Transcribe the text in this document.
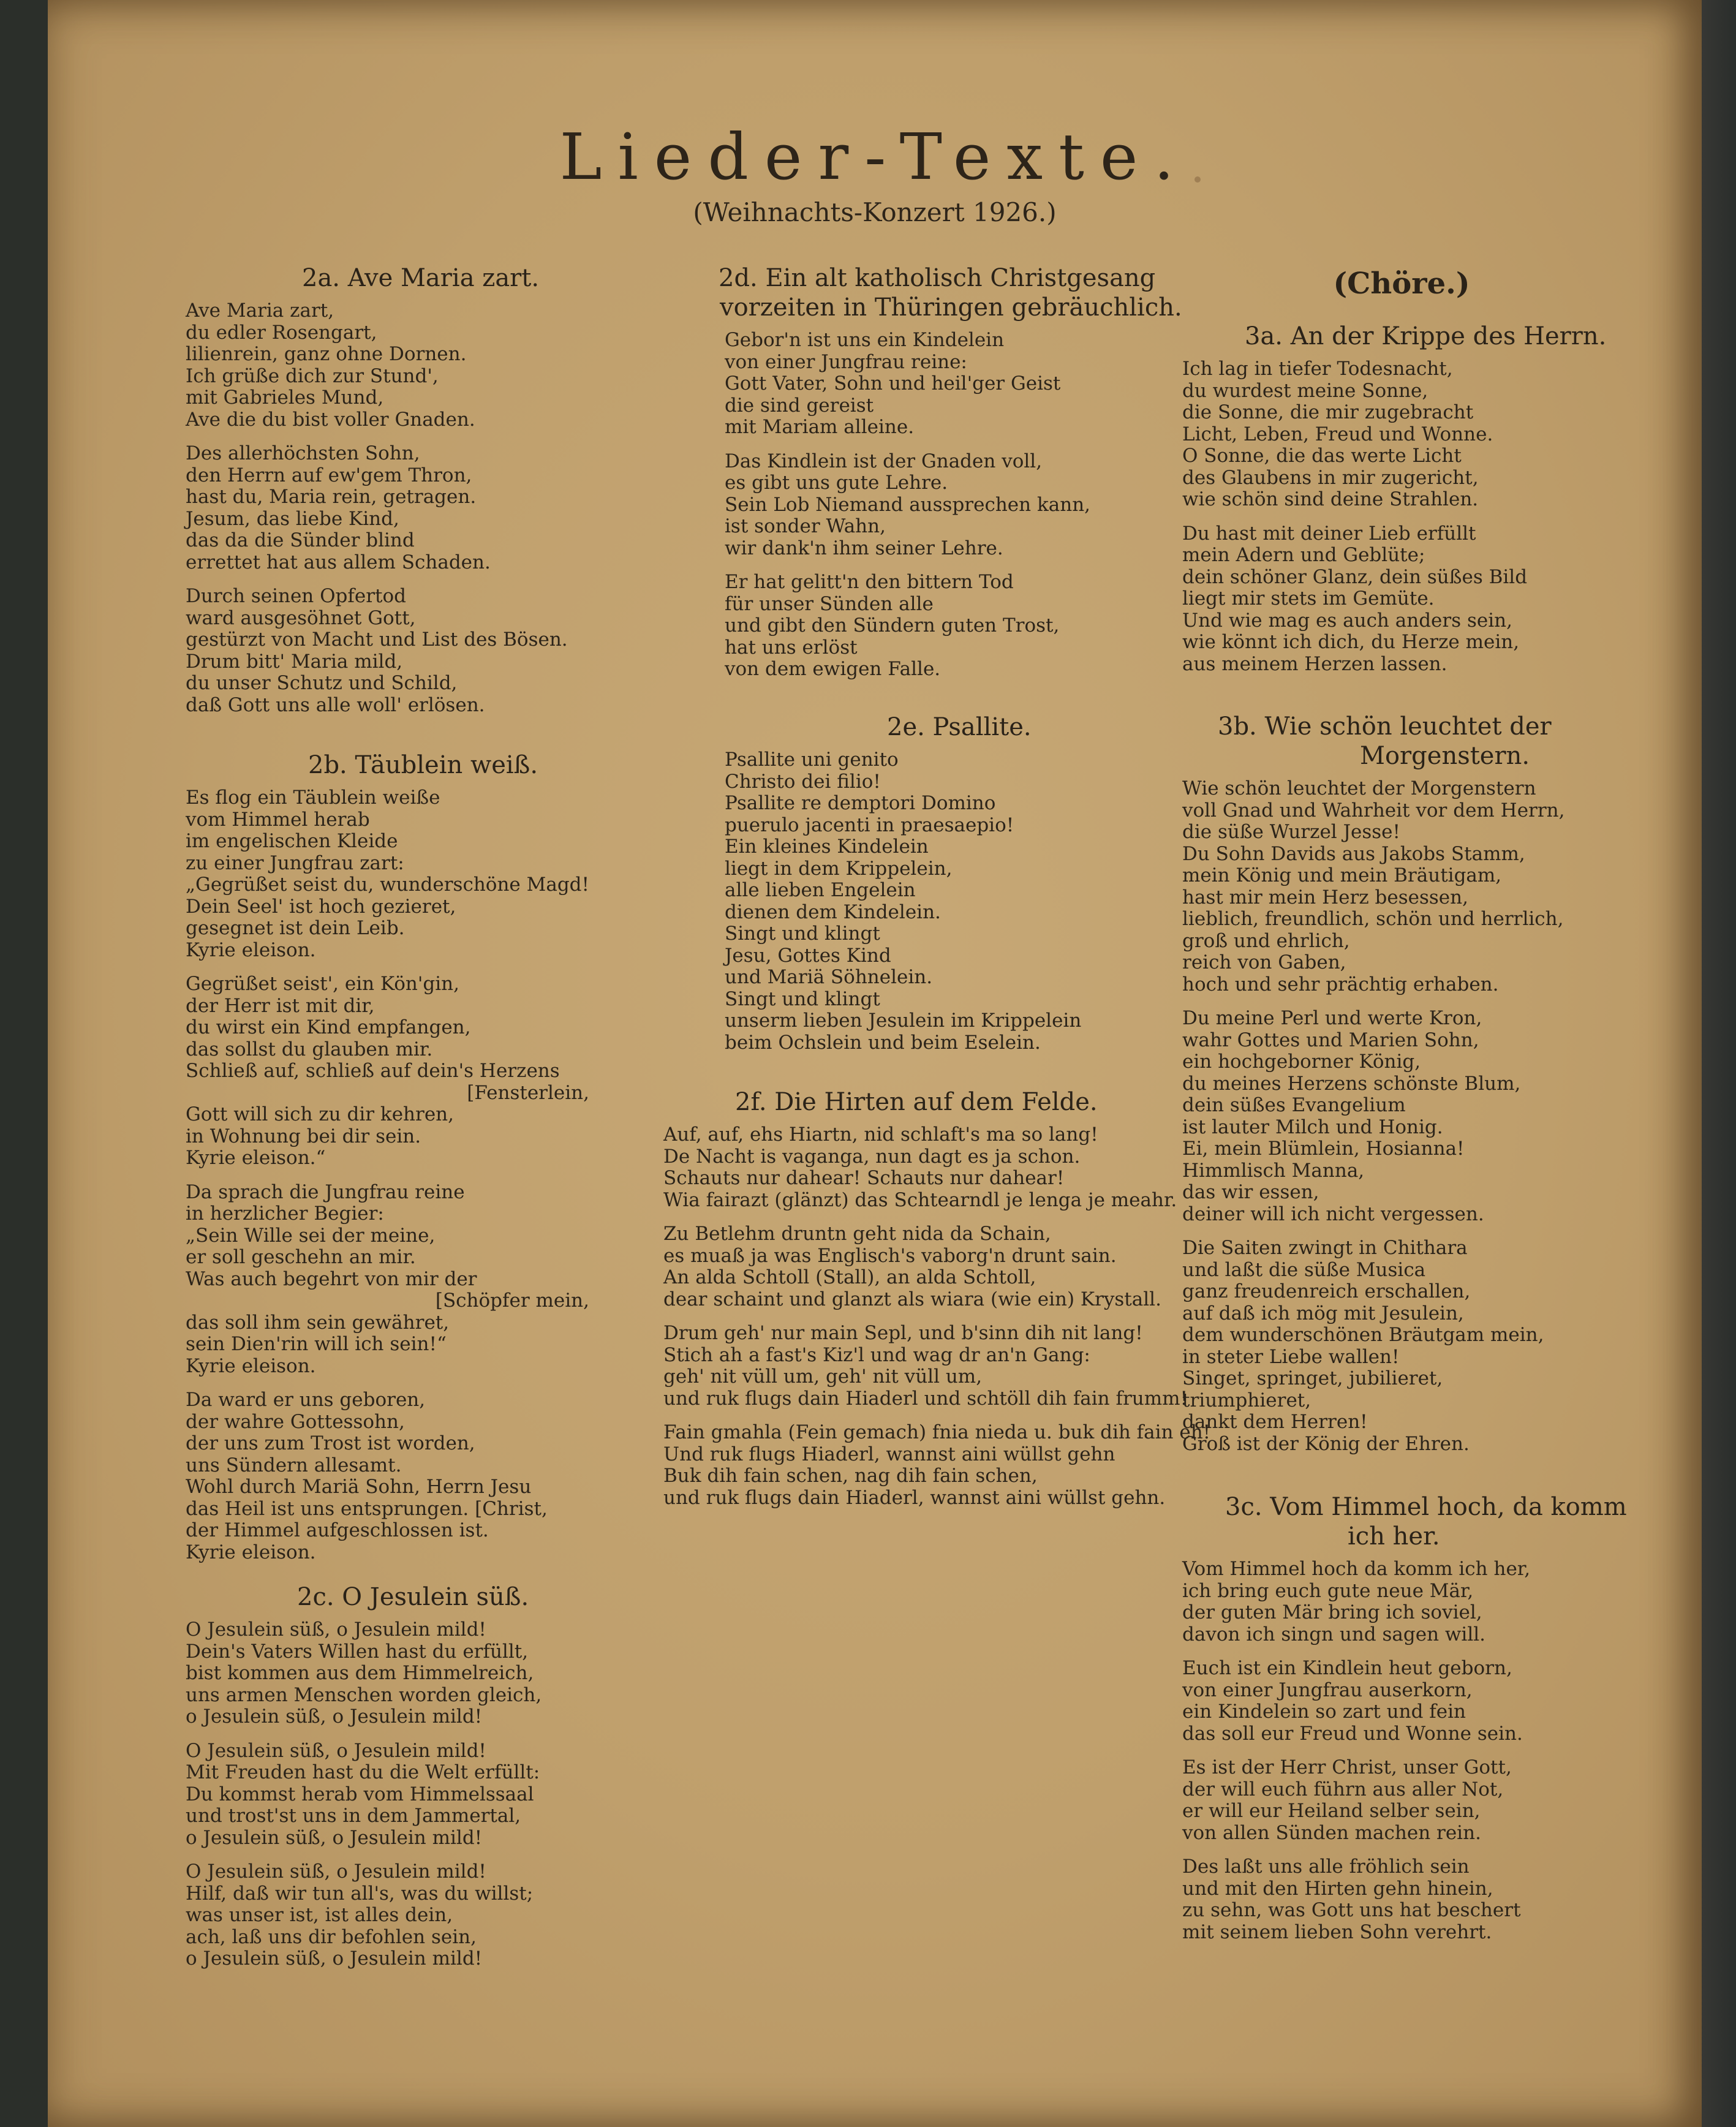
Lieder-Texte.
(Weihnachts-Konzert 1926.)
2a. Ave Maria zart.
Ave Maria zart,
du edler Rosengart,
lilienrein, ganz ohne Dornen.
Ich grüße dich zur Stund',
mit Gabrieles Mund,
Ave die du bist voller Gnaden.
Des allerhöchsten Sohn,
den Herrn auf ew'gem Thron,
hast du, Maria rein, getragen.
Jesum, das liebe Kind,
das da die Sünder blind
errettet hat aus allem Schaden.
Durch seinen Opfertod
ward ausgesöhnet Gott,
gestürzt von Macht und List des Bösen.
Drum bitt' Maria mild,
du unser Schutz und Schild,
daß Gott uns alle woll' erlösen.
2b. Täublein weiß.
Es flog ein Täublein weiße
vom Himmel herab
im engelischen Kleide
zu einer Jungfrau zart:
„Gegrüßet seist du, wunderschöne Magd!
Dein Seel' ist hoch gezieret,
gesegnet ist dein Leib.
Kyrie eleison.
Gegrüßet seist', ein Kön'gin,
der Herr ist mit dir,
du wirst ein Kind empfangen,
das sollst du glauben mir.
Schließ auf, schließ auf dein's Herzens
[Fensterlein,
Gott will sich zu dir kehren,
in Wohnung bei dir sein.
Kyrie eleison.“
Da sprach die Jungfrau reine
in herzlicher Begier:
„Sein Wille sei der meine,
er soll geschehn an mir.
Was auch begehrt von mir der
[Schöpfer mein,
das soll ihm sein gewähret,
sein Dien'rin will ich sein!“
Kyrie eleison.
Da ward er uns geboren,
der wahre Gottessohn,
der uns zum Trost ist worden,
uns Sündern allesamt.
Wohl durch Mariä Sohn, Herrn Jesu
das Heil ist uns entsprungen. [Christ,
der Himmel aufgeschlossen ist.
Kyrie eleison.
2c. O Jesulein süß.
O Jesulein süß, o Jesulein mild!
Dein's Vaters Willen hast du erfüllt,
bist kommen aus dem Himmelreich,
uns armen Menschen worden gleich,
o Jesulein süß, o Jesulein mild!
O Jesulein süß, o Jesulein mild!
Mit Freuden hast du die Welt erfüllt:
Du kommst herab vom Himmelssaal
und trost'st uns in dem Jammertal,
o Jesulein süß, o Jesulein mild!
O Jesulein süß, o Jesulein mild!
Hilf, daß wir tun all's, was du willst;
was unser ist, ist alles dein,
ach, laß uns dir befohlen sein,
o Jesulein süß, o Jesulein mild!
2d. Ein alt katholisch Christgesang
vorzeiten in Thüringen gebräuchlich.
Gebor'n ist uns ein Kindelein
von einer Jungfrau reine:
Gott Vater, Sohn und heil'ger Geist
die sind gereist
mit Mariam alleine.
Das Kindlein ist der Gnaden voll,
es gibt uns gute Lehre.
Sein Lob Niemand aussprechen kann,
ist sonder Wahn,
wir dank'n ihm seiner Lehre.
Er hat gelitt'n den bittern Tod
für unser Sünden alle
und gibt den Sündern guten Trost,
hat uns erlöst
von dem ewigen Falle.
2e. Psallite.
Psallite uni genito
Christo dei filio!
Psallite re demptori Domino
puerulo jacenti in praesaepio!
Ein kleines Kindelein
liegt in dem Krippelein,
alle lieben Engelein
dienen dem Kindelein.
Singt und klingt
Jesu, Gottes Kind
und Mariä Söhnelein.
Singt und klingt
unserm lieben Jesulein im Krippelein
beim Ochslein und beim Eselein.
2f. Die Hirten auf dem Felde.
Auf, auf, ehs Hiartn, nid schlaft's ma so lang!
De Nacht is vaganga, nun dagt es ja schon.
Schauts nur dahear! Schauts nur dahear!
Wia fairazt (glänzt) das Schtearndl je lenga je meahr.
Zu Betlehm druntn geht nida da Schain,
es muaß ja was Englisch's vaborg'n drunt sain.
An alda Schtoll (Stall), an alda Schtoll,
dear schaint und glanzt als wiara (wie ein) Krystall.
Drum geh' nur main Sepl, und b'sinn dih nit lang!
Stich ah a fast's Kiz'l und wag dr an'n Gang:
geh' nit vüll um, geh' nit vüll um,
und ruk flugs dain Hiaderl und schtöll dih fain frumm!
Fain gmahla (Fein gemach) fnia nieda u. buk dih fain eh!
Und ruk flugs Hiaderl, wannst aini wüllst gehn
Buk dih fain schen, nag dih fain schen,
und ruk flugs dain Hiaderl, wannst aini wüllst gehn.
(Chöre.)
3a. An der Krippe des Herrn.
Ich lag in tiefer Todesnacht,
du wurdest meine Sonne,
die Sonne, die mir zugebracht
Licht, Leben, Freud und Wonne.
O Sonne, die das werte Licht
des Glaubens in mir zugericht,
wie schön sind deine Strahlen.
Du hast mit deiner Lieb erfüllt
mein Adern und Geblüte;
dein schöner Glanz, dein süßes Bild
liegt mir stets im Gemüte.
Und wie mag es auch anders sein,
wie könnt ich dich, du Herze mein,
aus meinem Herzen lassen.
3b. Wie schön leuchtet der
Morgenstern.
Wie schön leuchtet der Morgenstern
voll Gnad und Wahrheit vor dem Herrn,
die süße Wurzel Jesse!
Du Sohn Davids aus Jakobs Stamm,
mein König und mein Bräutigam,
hast mir mein Herz besessen,
lieblich, freundlich, schön und herrlich,
groß und ehrlich,
reich von Gaben,
hoch und sehr prächtig erhaben.
Du meine Perl und werte Kron,
wahr Gottes und Marien Sohn,
ein hochgeborner König,
du meines Herzens schönste Blum,
dein süßes Evangelium
ist lauter Milch und Honig.
Ei, mein Blümlein, Hosianna!
Himmlisch Manna,
das wir essen,
deiner will ich nicht vergessen.
Die Saiten zwingt in Chithara
und laßt die süße Musica
ganz freudenreich erschallen,
auf daß ich mög mit Jesulein,
dem wunderschönen Bräutgam mein,
in steter Liebe wallen!
Singet, springet, jubilieret,
triumphieret,
dankt dem Herren!
Groß ist der König der Ehren.
3c. Vom Himmel hoch, da komm
ich her.
Vom Himmel hoch da komm ich her,
ich bring euch gute neue Mär,
der guten Mär bring ich soviel,
davon ich singn und sagen will.
Euch ist ein Kindlein heut geborn,
von einer Jungfrau auserkorn,
ein Kindelein so zart und fein
das soll eur Freud und Wonne sein.
Es ist der Herr Christ, unser Gott,
der will euch führn aus aller Not,
er will eur Heiland selber sein,
von allen Sünden machen rein.
Des laßt uns alle fröhlich sein
und mit den Hirten gehn hinein,
zu sehn, was Gott uns hat beschert
mit seinem lieben Sohn verehrt.
